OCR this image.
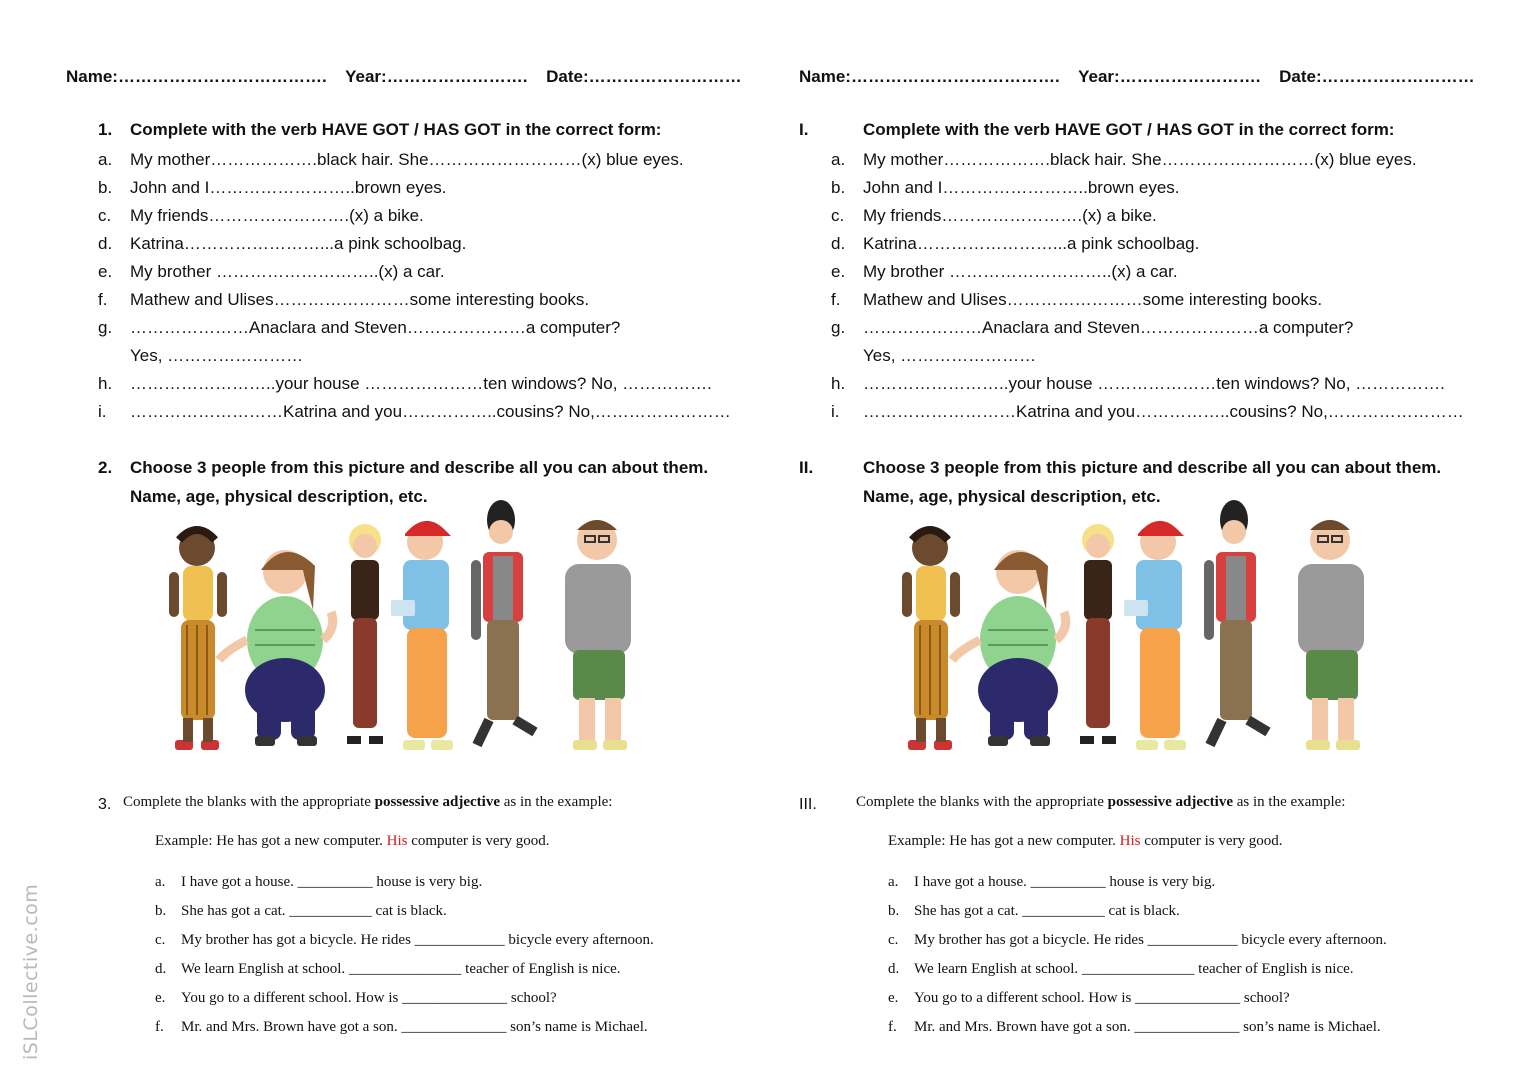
Name:………………………………. Year:……………………. Date:………………………
1. Complete with the verb HAVE GOT / HAS GOT in the correct form:
a.	My mother……………….black hair. She………………………(x) blue eyes.
b.	John and I……………………..brown eyes.
c.	My friends…………………….(x) a bike.
d.	Katrina……………………...a pink schoolbag.
e.	My brother ………………………..(x) a car.
f.	Mathew and Ulises……………………some interesting books.
g.	…………………Anaclara and Steven…………………a computer?
Yes, ……………………
h.	……………………..your house …………………ten windows? No, …………….
i.	………………………Katrina and you……………..cousins? No,……………………
2. Choose 3 people from this picture and describe all you can about them.
Name, age, physical description, etc.
3. Complete the blanks with the appropriate possessive adjective as in the example:
Example: He has got a new computer. His computer is very good.
a.	I have got a house. __________ house is very big.
b. She has got a cat. ___________ cat is black.
c.	My brother has got a bicycle. He rides ____________ bicycle every afternoon.
d. We learn English at school. _______________ teacher of English is nice.
e.	You go to a different school. How is ______________ school?
f.	Mr. and Mrs. Brown have got a son. ______________ son’s name is Michael.
Name:………………………………. Year:……………………. Date:………………………
I.	Complete with the verb HAVE GOT / HAS GOT in the correct form:
a.	My mother……………….black hair. She………………………(x) blue eyes.
b.	John and I……………………..brown eyes.
c.	My friends…………………….(x) a bike.
d.	Katrina……………………...a pink schoolbag.
e.	My brother ………………………..(x) a car.
f.	Mathew and Ulises……………………some interesting books.
g.	…………………Anaclara and Steven…………………a computer?
Yes, ……………………
h.	……………………..your house …………………ten windows? No, …………….
i.	………………………Katrina and you……………..cousins? No,……………………
II.	Choose 3 people from this picture and describe all you can about them.
Name, age, physical description, etc.
III.	Complete the blanks with the appropriate possessive adjective as in the example:
Example: He has got a new computer. His computer is very good.
a.	I have got a house. __________ house is very big.
b. She has got a cat. ___________ cat is black.
c.	My brother has got a bicycle. He rides ____________ bicycle every afternoon.
d. We learn English at school. _______________ teacher of English is nice.
e.	You go to a different school. How is ______________ school?
f.	Mr. and Mrs. Brown have got a son. ______________ son’s name is Michael.
iSLCollective.com
